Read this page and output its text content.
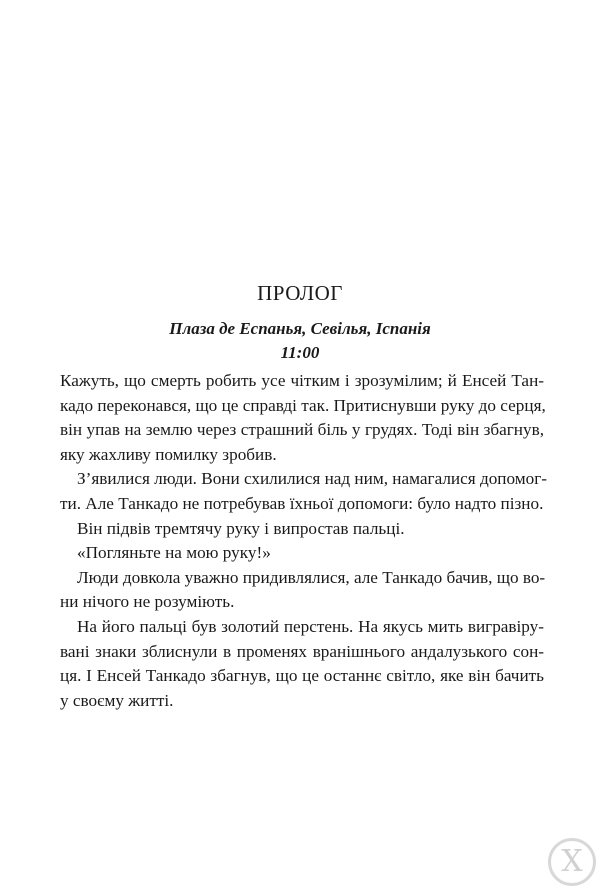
ПРОЛОГ
Плаза де Еспанья, Севілья, Іспанія
11:00
Кажуть, що смерть робить усе чітким і зрозумілим; й Енсей Тан-
кадо переконався, що це справді так. Притиснувши руку до серця,
він упав на землю через страшний біль у грудях. Тоді він збагнув,
яку жахливу помилку зробив.
З’явилися люди. Вони схилилися над ним, намагалися допомог-
ти. Але Танкадо не потребував їхньої допомоги: було надто пізно.
Він підвів тремтячу руку і випростав пальці.
«Погляньте на мою руку!»
Люди довкола уважно придивлялися, але Танкадо бачив, що во-
ни нічого не розуміють.
На його пальці був золотий перстень. На якусь мить вигравіру-
вані знаки зблиснули в променях вранішнього андалузького сон-
ця. І Енсей Танкадо збагнув, що це останнє світло, яке він бачить
у своєму житті.
X
